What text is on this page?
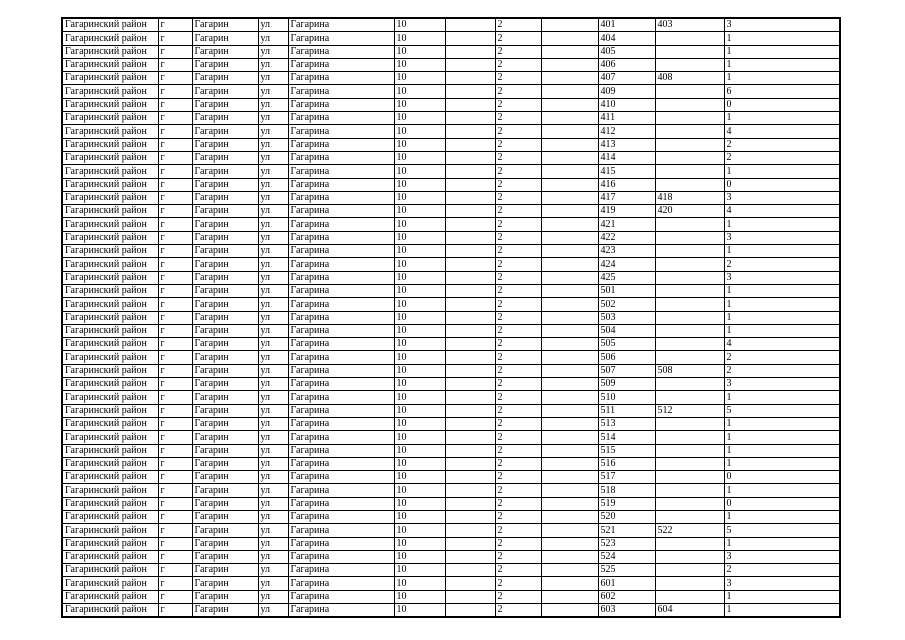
Гагаринский район	г	Гагарин	ул	Гагарина	10		2		401	403	3
Гагаринский район	г	Гагарин	ул	Гагарина	10		2		404		1
Гагаринский район	г	Гагарин	ул	Гагарина	10		2		405		1
Гагаринский район	г	Гагарин	ул	Гагарина	10		2		406		1
Гагаринский район	г	Гагарин	ул	Гагарина	10		2		407	408	1
Гагаринский район	г	Гагарин	ул	Гагарина	10		2		409		6
Гагаринский район	г	Гагарин	ул	Гагарина	10		2		410		0
Гагаринский район	г	Гагарин	ул	Гагарина	10		2		411		1
Гагаринский район	г	Гагарин	ул	Гагарина	10		2		412		4
Гагаринский район	г	Гагарин	ул	Гагарина	10		2		413		2
Гагаринский район	г	Гагарин	ул	Гагарина	10		2		414		2
Гагаринский район	г	Гагарин	ул	Гагарина	10		2		415		1
Гагаринский район	г	Гагарин	ул	Гагарина	10		2		416		0
Гагаринский район	г	Гагарин	ул	Гагарина	10		2		417	418	3
Гагаринский район	г	Гагарин	ул	Гагарина	10		2		419	420	4
Гагаринский район	г	Гагарин	ул	Гагарина	10		2		421		1
Гагаринский район	г	Гагарин	ул	Гагарина	10		2		422		3
Гагаринский район	г	Гагарин	ул	Гагарина	10		2		423		1
Гагаринский район	г	Гагарин	ул	Гагарина	10		2		424		2
Гагаринский район	г	Гагарин	ул	Гагарина	10		2		425		3
Гагаринский район	г	Гагарин	ул	Гагарина	10		2		501		1
Гагаринский район	г	Гагарин	ул	Гагарина	10		2		502		1
Гагаринский район	г	Гагарин	ул	Гагарина	10		2		503		1
Гагаринский район	г	Гагарин	ул	Гагарина	10		2		504		1
Гагаринский район	г	Гагарин	ул	Гагарина	10		2		505		4
Гагаринский район	г	Гагарин	ул	Гагарина	10		2		506		2
Гагаринский район	г	Гагарин	ул	Гагарина	10		2		507	508	2
Гагаринский район	г	Гагарин	ул	Гагарина	10		2		509		3
Гагаринский район	г	Гагарин	ул	Гагарина	10		2		510		1
Гагаринский район	г	Гагарин	ул	Гагарина	10		2		511	512	5
Гагаринский район	г	Гагарин	ул	Гагарина	10		2		513		1
Гагаринский район	г	Гагарин	ул	Гагарина	10		2		514		1
Гагаринский район	г	Гагарин	ул	Гагарина	10		2		515		1
Гагаринский район	г	Гагарин	ул	Гагарина	10		2		516		1
Гагаринский район	г	Гагарин	ул	Гагарина	10		2		517		0
Гагаринский район	г	Гагарин	ул	Гагарина	10		2		518		1
Гагаринский район	г	Гагарин	ул	Гагарина	10		2		519		0
Гагаринский район	г	Гагарин	ул	Гагарина	10		2		520		1
Гагаринский район	г	Гагарин	ул	Гагарина	10		2		521	522	5
Гагаринский район	г	Гагарин	ул	Гагарина	10		2		523		1
Гагаринский район	г	Гагарин	ул	Гагарина	10		2		524		3
Гагаринский район	г	Гагарин	ул	Гагарина	10		2		525		2
Гагаринский район	г	Гагарин	ул	Гагарина	10		2		601		3
Гагаринский район	г	Гагарин	ул	Гагарина	10		2		602		1
Гагаринский район	г	Гагарин	ул	Гагарина	10		2		603	604	1
